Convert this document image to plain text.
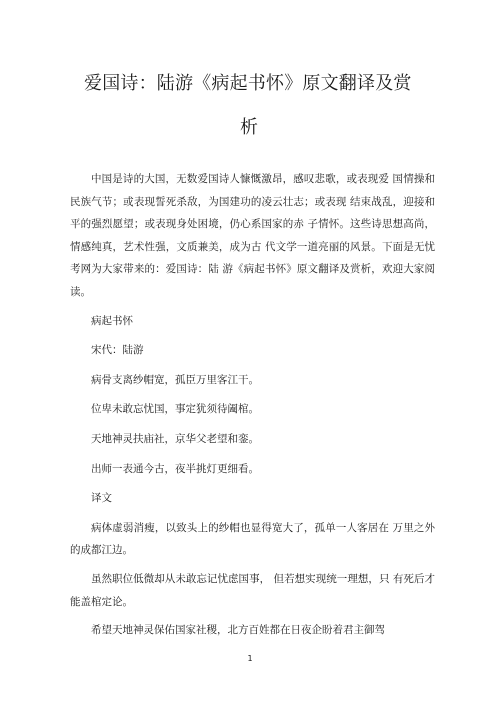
爱国诗：陆游《病起书怀》原文翻译及赏
析

中国是诗的大国，无数爱国诗人慷慨激昂，感叹悲歌，或表现爱 国情操和民族气节；或表现誓死杀敌，为国建功的凌云壮志；或表现 结束战乱，迎接和平的强烈愿望；或表现身处困境，仍心系国家的赤 子情怀。这些诗思想高尚，情感纯真，艺术性强，文质兼美，成为古 代文学一道亮丽的风景。下面是无忧考网为大家带来的：爱国诗：陆 游《病起书怀》原文翻译及赏析，欢迎大家阅读。

病起书怀

宋代：陆游

病骨支离纱帽宽，孤臣万里客江干。

位卑未敢忘忧国，事定犹须待阖棺。

天地神灵扶庙社，京华父老望和銮。

出师一表通今古，夜半挑灯更细看。

译文

病体虚弱消瘦，以致头上的纱帽也显得宽大了，孤单一人客居在 万里之外的成都江边。

虽然职位低微却从未敢忘记忧虑国事， 但若想实现统一理想，只 有死后才能盖棺定论。

希望天地神灵保佑国家社稷，北方百姓都在日夜企盼着君主御驾

1
